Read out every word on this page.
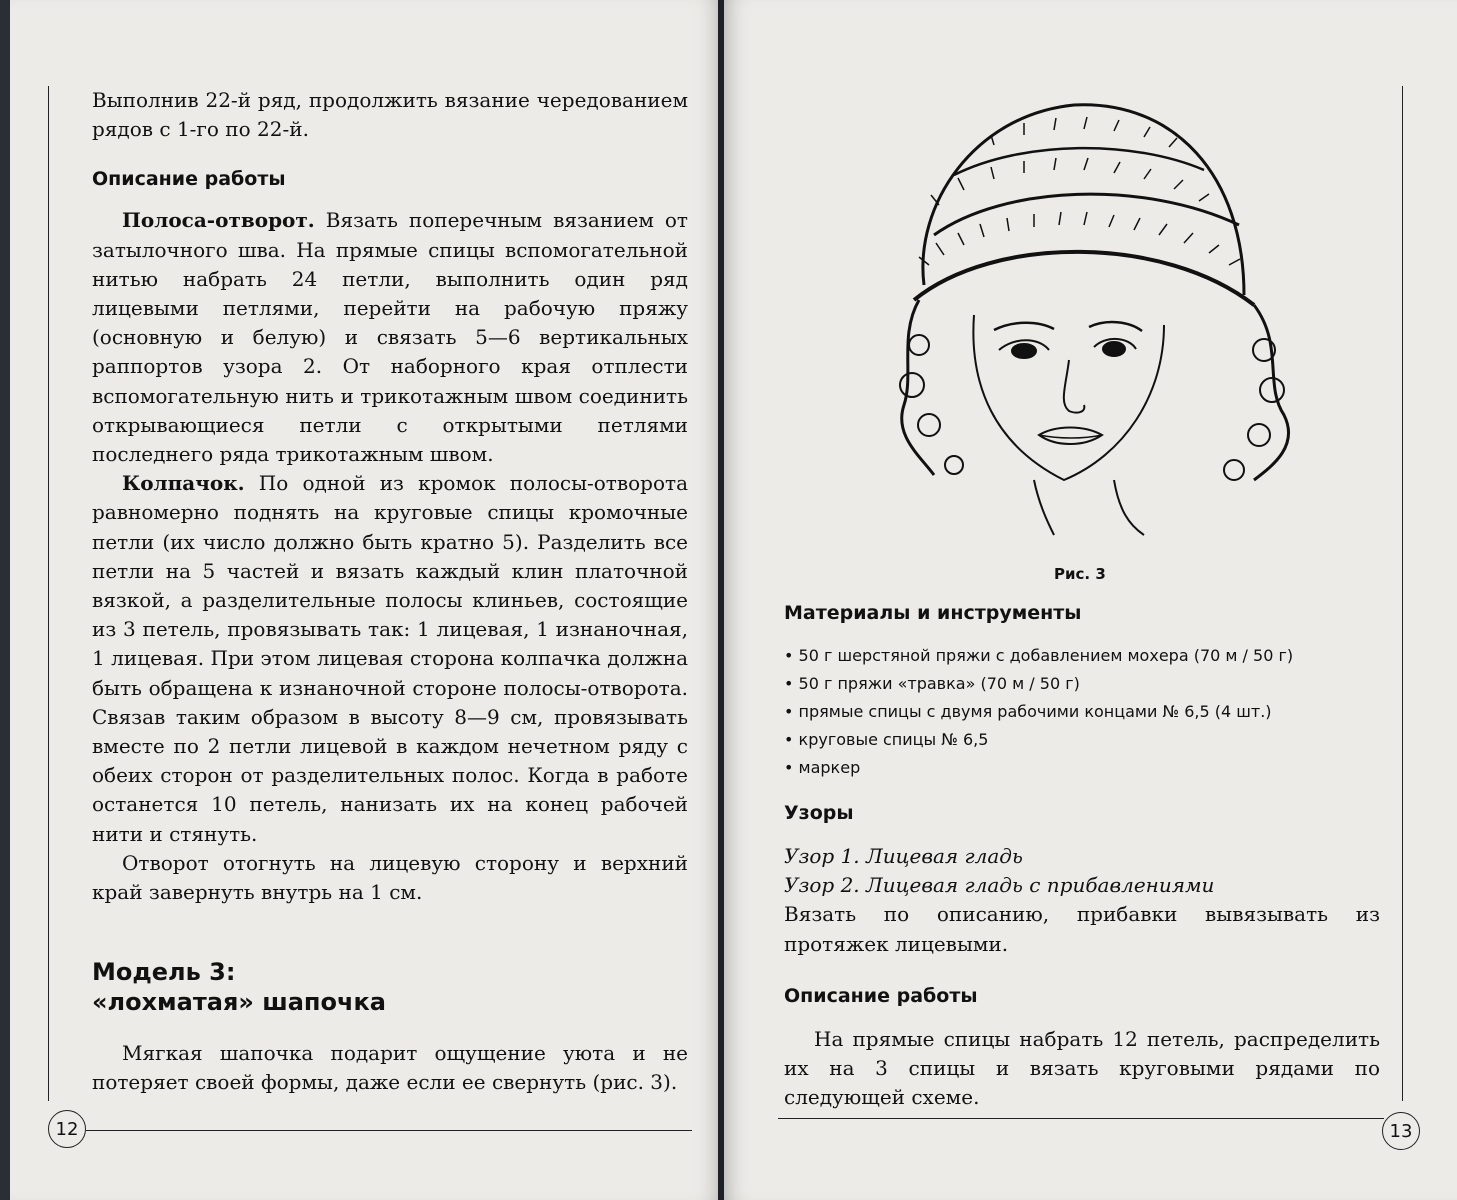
Выполнив 22-й ряд, продолжить вязание чередованием рядов с 1-го по 22-й.

Описание работы

Полоса-отворот. Вязать поперечным вязанием от затылочного шва. На прямые спицы вспомогательной нитью набрать 24 петли, выполнить один ряд лицевыми петлями, перейти на рабочую пряжу (основную и белую) и связать 5—6 вертикальных раппортов узора 2. От наборного края отплести вспомогательную нить и трикотажным швом соединить открывающиеся петли с открытыми петлями последнего ряда трикотажным швом.

Колпачок. По одной из кромок полосы-отворота равномерно поднять на круговые спицы кромочные петли (их число должно быть кратно 5). Разделить все петли на 5 частей и вязать каждый клин платочной вязкой, а разделительные полосы клиньев, состоящие из 3 петель, провязывать так: 1 лицевая, 1 изнаночная, 1 лицевая. При этом лицевая сторона колпачка должна быть обращена к изнаночной стороне полосы-отворота. Связав таким образом в высоту 8—9 см, провязывать вместе по 2 петли лицевой в каждом нечетном ряду с обеих сторон от разделительных полос. Когда в работе останется 10 петель, нанизать их на конец рабочей нити и стянуть.

Отворот отогнуть на лицевую сторону и верхний край завернуть внутрь на 1 см.

Модель 3:
«лохматая» шапочка

Мягкая шапочка подарит ощущение уюта и не потеряет своей формы, даже если ее свернуть (рис. 3).

12
Рис. 3
Материалы и инструменты
• 50 г шерстяной пряжи с добавлением мохера (70 м / 50 г)
• 50 г пряжи «травка» (70 м / 50 г)
• прямые спицы с двумя рабочими концами № 6,5 (4 шт.)
• круговые спицы № 6,5
• маркер
Узоры

Узор 1. Лицевая гладь

Узор 2. Лицевая гладь с прибавлениями

Вязать по описанию, прибавки вывязывать из протяжек лицевыми.

Описание работы

На прямые спицы набрать 12 петель, распределить их на 3 спицы и вязать круговыми рядами по следующей схеме.

13
